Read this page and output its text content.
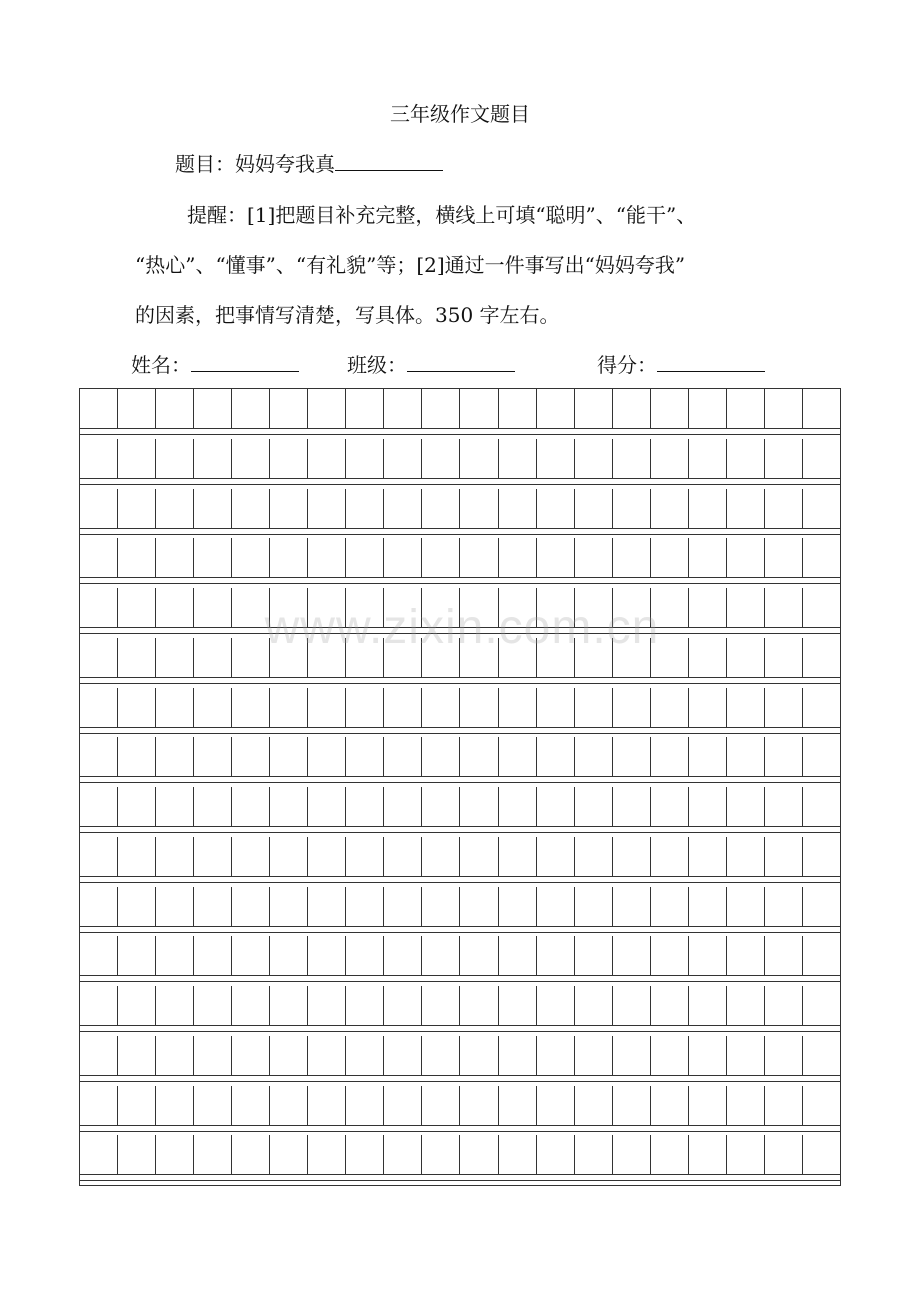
三年级作文题目
题目：妈妈夸我真
提醒：[1]把题目补充完整，横线上可填“聪明”、“能干”、
“热心”、“懂事”、“有礼貌”等；[2]通过一件事写出“妈妈夸我”
的因素，把事情写清楚，写具体。350 字左右。
姓名：	班级：	得分：
www.zixin.com.cn
